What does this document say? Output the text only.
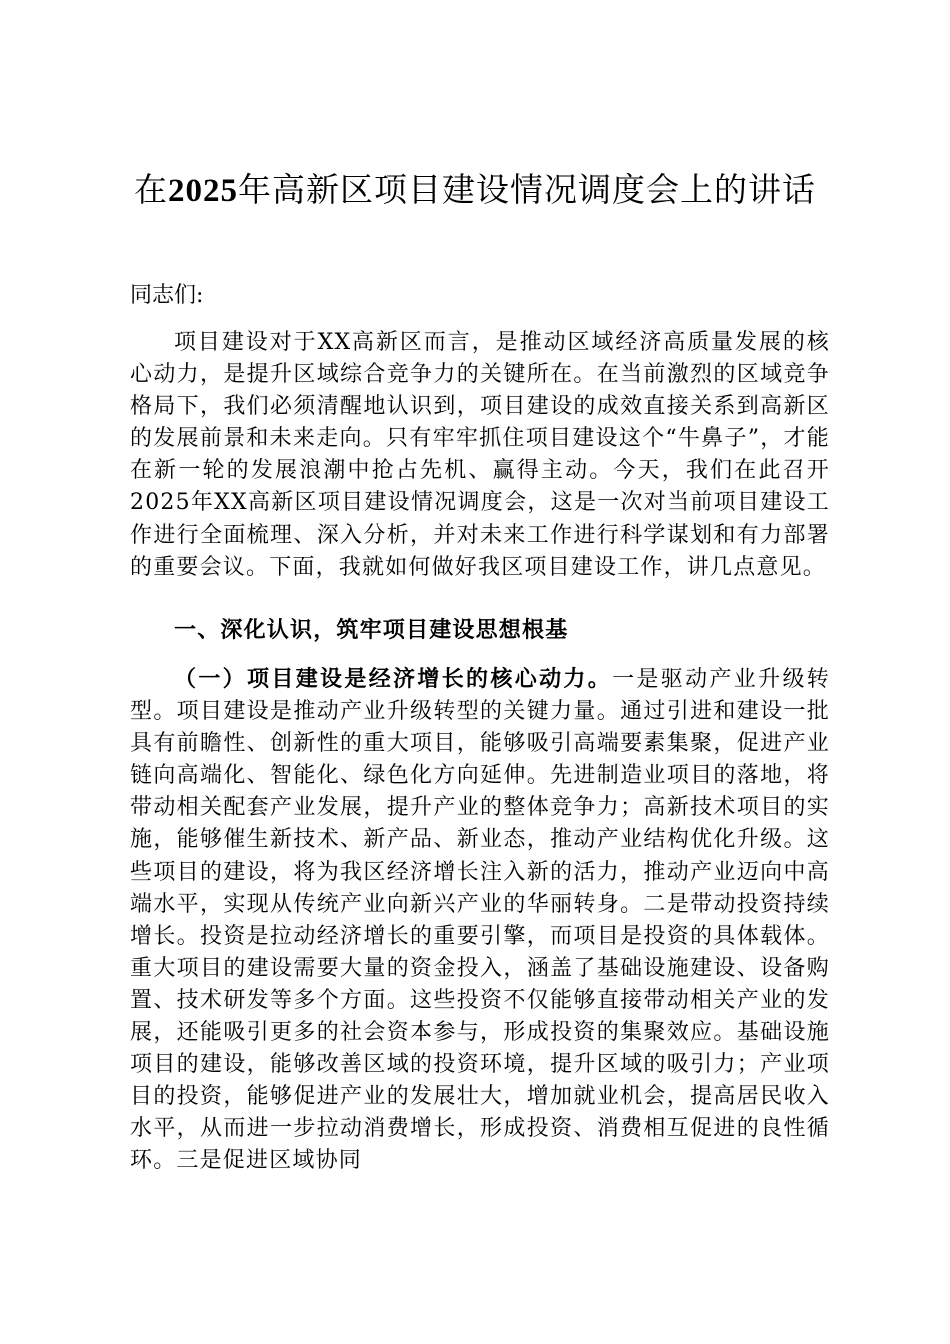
在2025年高新区项目建设情况调度会上的讲话

同志们:

项目建设对于XX高新区而言，是推动区域经济高质量发展的核心动力，是提升区域综合竞争力的关键所在。在当前激烈的区域竞争格局下，我们必须清醒地认识到，项目建设的成效直接关系到高新区的发展前景和未来走向。只有牢牢抓住项目建设这个“牛鼻子”，才能在新一轮的发展浪潮中抢占先机、赢得主动。今天，我们在此召开2025年XX高新区项目建设情况调度会，这是一次对当前项目建设工作进行全面梳理、深入分析，并对未来工作进行科学谋划和有力部署的重要会议。下面，我就如何做好我区项目建设工作，讲几点意见。

一、深化认识，筑牢项目建设思想根基

（一）项目建设是经济增长的核心动力。一是驱动产业升级转型。项目建设是推动产业升级转型的关键力量。通过引进和建设一批具有前瞻性、创新性的重大项目，能够吸引高端要素集聚，促进产业链向高端化、智能化、绿色化方向延伸。先进制造业项目的落地，将带动相关配套产业发展，提升产业的整体竞争力；高新技术项目的实施，能够催生新技术、新产品、新业态，推动产业结构优化升级。这些项目的建设，将为我区经济增长注入新的活力，推动产业迈向中高端水平，实现从传统产业向新兴产业的华丽转身。二是带动投资持续增长。投资是拉动经济增长的重要引擎，而项目是投资的具体载体。重大项目的建设需要大量的资金投入，涵盖了基础设施建设、设备购置、技术研发等多个方面。这些投资不仅能够直接带动相关产业的发展，还能吸引更多的社会资本参与，形成投资的集聚效应。基础设施项目的建设，能够改善区域的投资环境，提升区域的吸引力；产业项目的投资，能够促进产业的发展壮大，增加就业机会，提高居民收入水平，从而进一步拉动消费增长，形成投资、消费相互促进的良性循环。三是促进区域协同
